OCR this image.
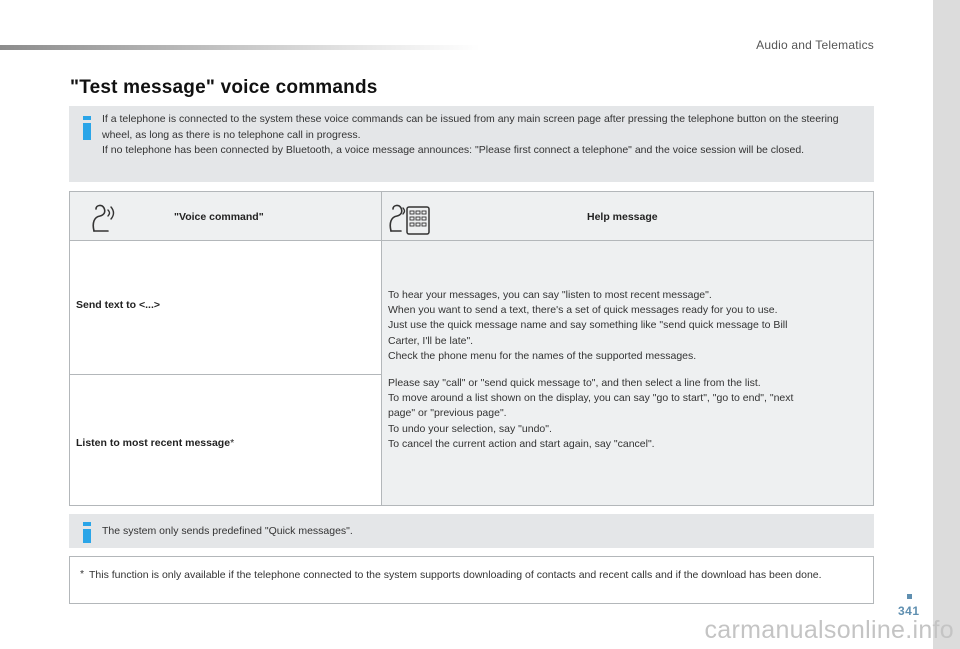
Audio and Telematics
"Test message" voice commands

If a telephone is connected to the system these voice commands can be issued from any main screen page after pressing the telephone button on the steering wheel, as long as there is no telephone call in progress.

If no telephone has been connected by Bluetooth, a voice message announces: "Please first connect a telephone" and the voice session will be closed.

"Voice command"	Help message
Send text to <...>
Listen to most recent message*

To hear your messages, you can say "listen to most recent message".

When you want to send a text, there's a set of quick messages ready for you to use.

Just use the quick message name and say something like "send quick message to Bill

Carter, I'll be late".

Check the phone menu for the names of the supported messages.

Please say "call" or "send quick message to", and then select a line from the list.

To move around a list shown on the display, you can say "go to start", "go to end", "next

page" or "previous page".

To undo your selection, say "undo".

To cancel the current action and start again, say "cancel".

The system only sends predefined "Quick messages".
* This function is only available if the telephone connected to the system supports downloading of contacts and recent calls and if the download has been done.
341
carmanualsonline.info
